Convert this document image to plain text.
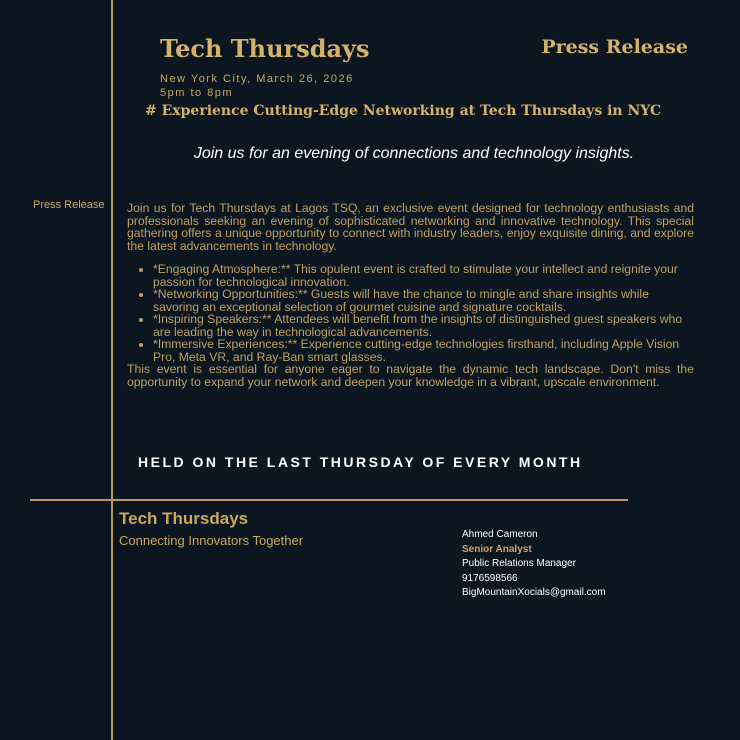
Tech Thursdays	Press Release
New York City, March 26, 2026
5pm to 8pm
# Experience Cutting-Edge Networking at Tech Thursdays in NYC
Join us for an evening of connections and technology insights.
Press Release Join us for Tech Thursdays at Lagos TSQ, an exclusive event designed for technology enthusiasts and professionals seeking an evening of sophisticated networking and innovative technology. This special gathering offers a unique opportunity to connect with industry leaders, enjoy exquisite dining, and explore the latest advancements in technology.

• *Engaging Atmosphere:** This opulent event is crafted to stimulate your intellect and reignite your passion for technological innovation.
• *Networking Opportunities:** Guests will have the chance to mingle and share insights while savoring an exceptional selection of gourmet cuisine and signature cocktails.
• *Inspiring Speakers:** Attendees will benefit from the insights of distinguished guest speakers who are leading the way in technological advancements.
• *Immersive Experiences:** Experience cutting-edge technologies firsthand, including Apple Vision Pro, Meta VR, and Ray-Ban smart glasses.

This event is essential for anyone eager to navigate the dynamic tech landscape. Don't miss the opportunity to expand your network and deepen your knowledge in a vibrant, upscale environment.

HELD ON THE LAST THURSDAY OF EVERY MONTH
Tech Thursdays
Connecting Innovators Together	Ahmed Cameron
Senior Analyst
Public Relations Manager
9176598566
BigMountainXocials@gmail.com
